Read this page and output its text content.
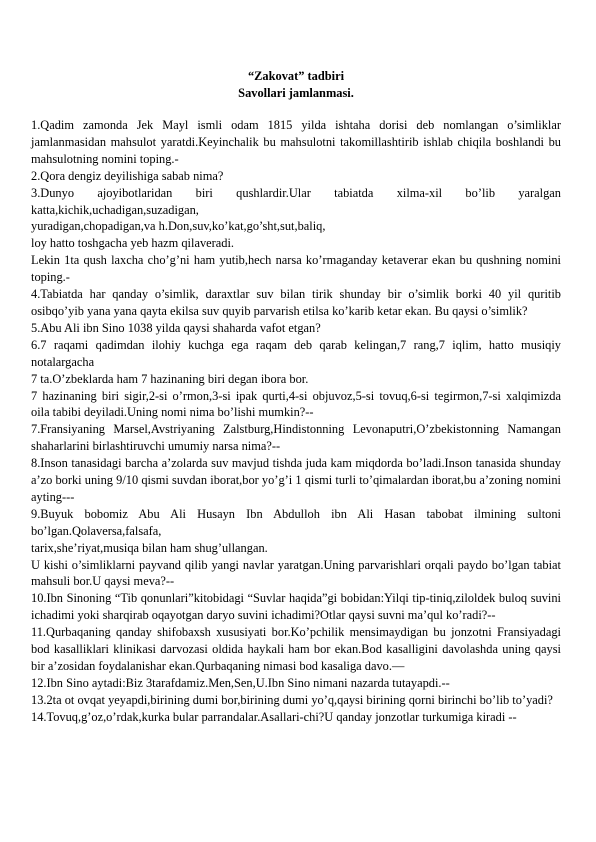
“Zakovat” tadbiri
Savollari jamlanmasi.

1.Qadim zamonda Jek Mayl ismli odam 1815 yilda ishtaha dorisi deb nomlangan o’simliklar jamlanmasidan mahsulot yaratdi.Keyinchalik bu mahsulotni takomillashtirib ishlab chiqila boshlandi bu mahsulotning nomini toping.-

2.Qora dengiz deyilishiga sabab nima?

3.Dunyo ajoyibotlaridan biri qushlardir.Ular tabiatda xilma-xil bo’lib yaralgan katta,kichik,uchadigan,suzadigan,

yuradigan,chopadigan,va h.Don,suv,ko’kat,go’sht,sut,baliq,

loy hatto toshgacha yeb hazm qilaveradi.

Lekin 1ta qush laxcha cho’g’ni ham yutib,hech narsa ko’rmaganday ketaverar ekan bu qushning nomini toping.-

4.Tabiatda har qanday o’simlik, daraxtlar suv bilan tirik shunday bir o’simlik borki 40 yil quritib osibqo’yib yana yana qayta ekilsa suv quyib parvarish etilsa ko’karib ketar ekan. Bu qaysi o’simlik?

5.Abu Ali ibn Sino 1038 yilda qaysi shaharda vafot etgan?

6.7 raqami qadimdan ilohiy kuchga ega raqam deb qarab kelingan,7 rang,7 iqlim, hatto musiqiy notalargacha

7 ta.O’zbeklarda ham 7 hazinaning biri degan ibora bor.

7 hazinaning biri sigir,2-si o’rmon,3-si ipak qurti,4-si objuvoz,5-si tovuq,6-si tegirmon,7-si xalqimizda oila tabibi deyiladi.Uning nomi nima bo’lishi mumkin?--

7.Fransiyaning Marsel,Avstriyaning Zalstburg,Hindistonning Levonaputri,O’zbekistonning Namangan shaharlarini birlashtiruvchi umumiy narsa nima?--

8.Inson tanasidagi barcha a’zolarda suv mavjud tishda juda kam miqdorda bo’ladi.Inson tanasida shunday a’zo borki uning 9/10 qismi suvdan iborat,bor yo’g’i 1 qismi turli to’qimalardan iborat,bu a’zoning nomini ayting---

9.Buyuk bobomiz Abu Ali Husayn Ibn Abdulloh ibn Ali Hasan tabobat ilmining sultoni bo’lgan.Qolaversa,falsafa,

tarix,she’riyat,musiqa bilan ham shug’ullangan.

U kishi o’simliklarni payvand qilib yangi navlar yaratgan.Uning parvarishlari orqali paydo bo’lgan tabiat mahsuli bor.U qaysi meva?--

10.Ibn Sinoning “Tib qonunlari”kitobidagi “Suvlar haqida”gi bobidan:Yilqi tip-tiniq,ziloldek buloq suvini ichadimi yoki sharqirab oqayotgan daryo suvini ichadimi?Otlar qaysi suvni ma’qul ko’radi?--

11.Qurbaqaning qanday shifobaxsh xususiyati bor.Ko’pchilik mensimaydigan bu jonzotni Fransiyadagi bod kasalliklari klinikasi darvozasi oldida haykali ham bor ekan.Bod kasalligini davolashda uning qaysi bir a’zosidan foydalanishar ekan.Qurbaqaning nimasi bod kasaliga davo.—

12.Ibn Sino aytadi:Biz 3tarafdamiz.Men,Sen,U.Ibn Sino nimani nazarda tutayapdi.--

13.2ta ot ovqat yeyapdi,birining dumi bor,birining dumi yo’q,qaysi birining qorni birinchi bo’lib to’yadi?

14.Tovuq,g’oz,o’rdak,kurka bular parrandalar.Asallari-chi?U qanday jonzotlar turkumiga kiradi --
